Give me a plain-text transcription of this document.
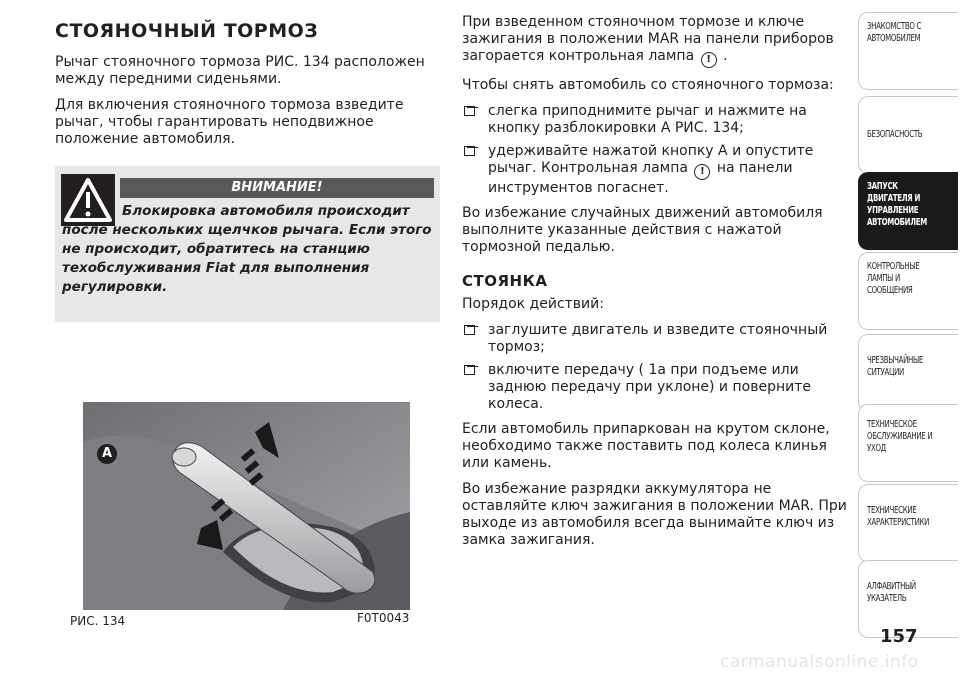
СТОЯНОЧНЫЙ ТОРМОЗ

Рычаг стояночного тормоза РИС. 134 расположен между передними сиденьями.

Для включения стояночного тормоза взведите рычаг, чтобы гарантировать неподвижное положение автомобиля.

ВНИМАНИЕ!
Блокировка автомобиля происходит после нескольких щелчков рычага. Если этого не происходит, обратитесь на станцию техобслуживания Fiat для выполнения регулировки.
A
РИС. 134	F0T0043

При взведенном стояночном тормозе и ключе зажигания в положении MAR на панели приборов загорается контрольная лампа ! .

Чтобы снять автомобиль со стояночного тормоза:

слегка приподнимите рычаг и нажмите на кнопку разблокировки A РИС. 134;
удерживайте нажатой кнопку A и опустите рычаг. Контрольная лампа ! на панели инструментов погаснет.

Во избежание случайных движений автомобиля выполните указанные действия с нажатой тормозной педалью.

СТОЯНКА

Порядок действий:

заглушите двигатель и взведите стояночный тормоз;
включите передачу ( 1а при подъеме или заднюю передачу при уклоне) и поверните колеса.

Если автомобиль припаркован на крутом склоне, необходимо также поставить под колеса клинья или камень.

Во избежание разрядки аккумулятора не оставляйте ключ зажигания в положении MAR. При выходе из автомобиля всегда вынимайте ключ из замка зажигания.

ЗНАКОМСТВО С
АВТОМОБИЛЕМ
БЕЗОПАСНОСТЬ
ЗАПУСК
ДВИГАТЕЛЯ И
УПРАВЛЕНИЕ
АВТОМОБИЛЕМ
КОНТРОЛЬНЫЕ
ЛАМПЫ И
СООБЩЕНИЯ
ЧРЕЗВЫЧАЙНЫЕ
СИТУАЦИИ
ТЕХНИЧЕСКОЕ
ОБСЛУЖИВАНИЕ И
УХОД
ТЕХНИЧЕСКИЕ
ХАРАКТЕРИСТИКИ
АЛФАВИТНЫЙ
УКАЗАТЕЛЬ
157
carmanualsonline.info
